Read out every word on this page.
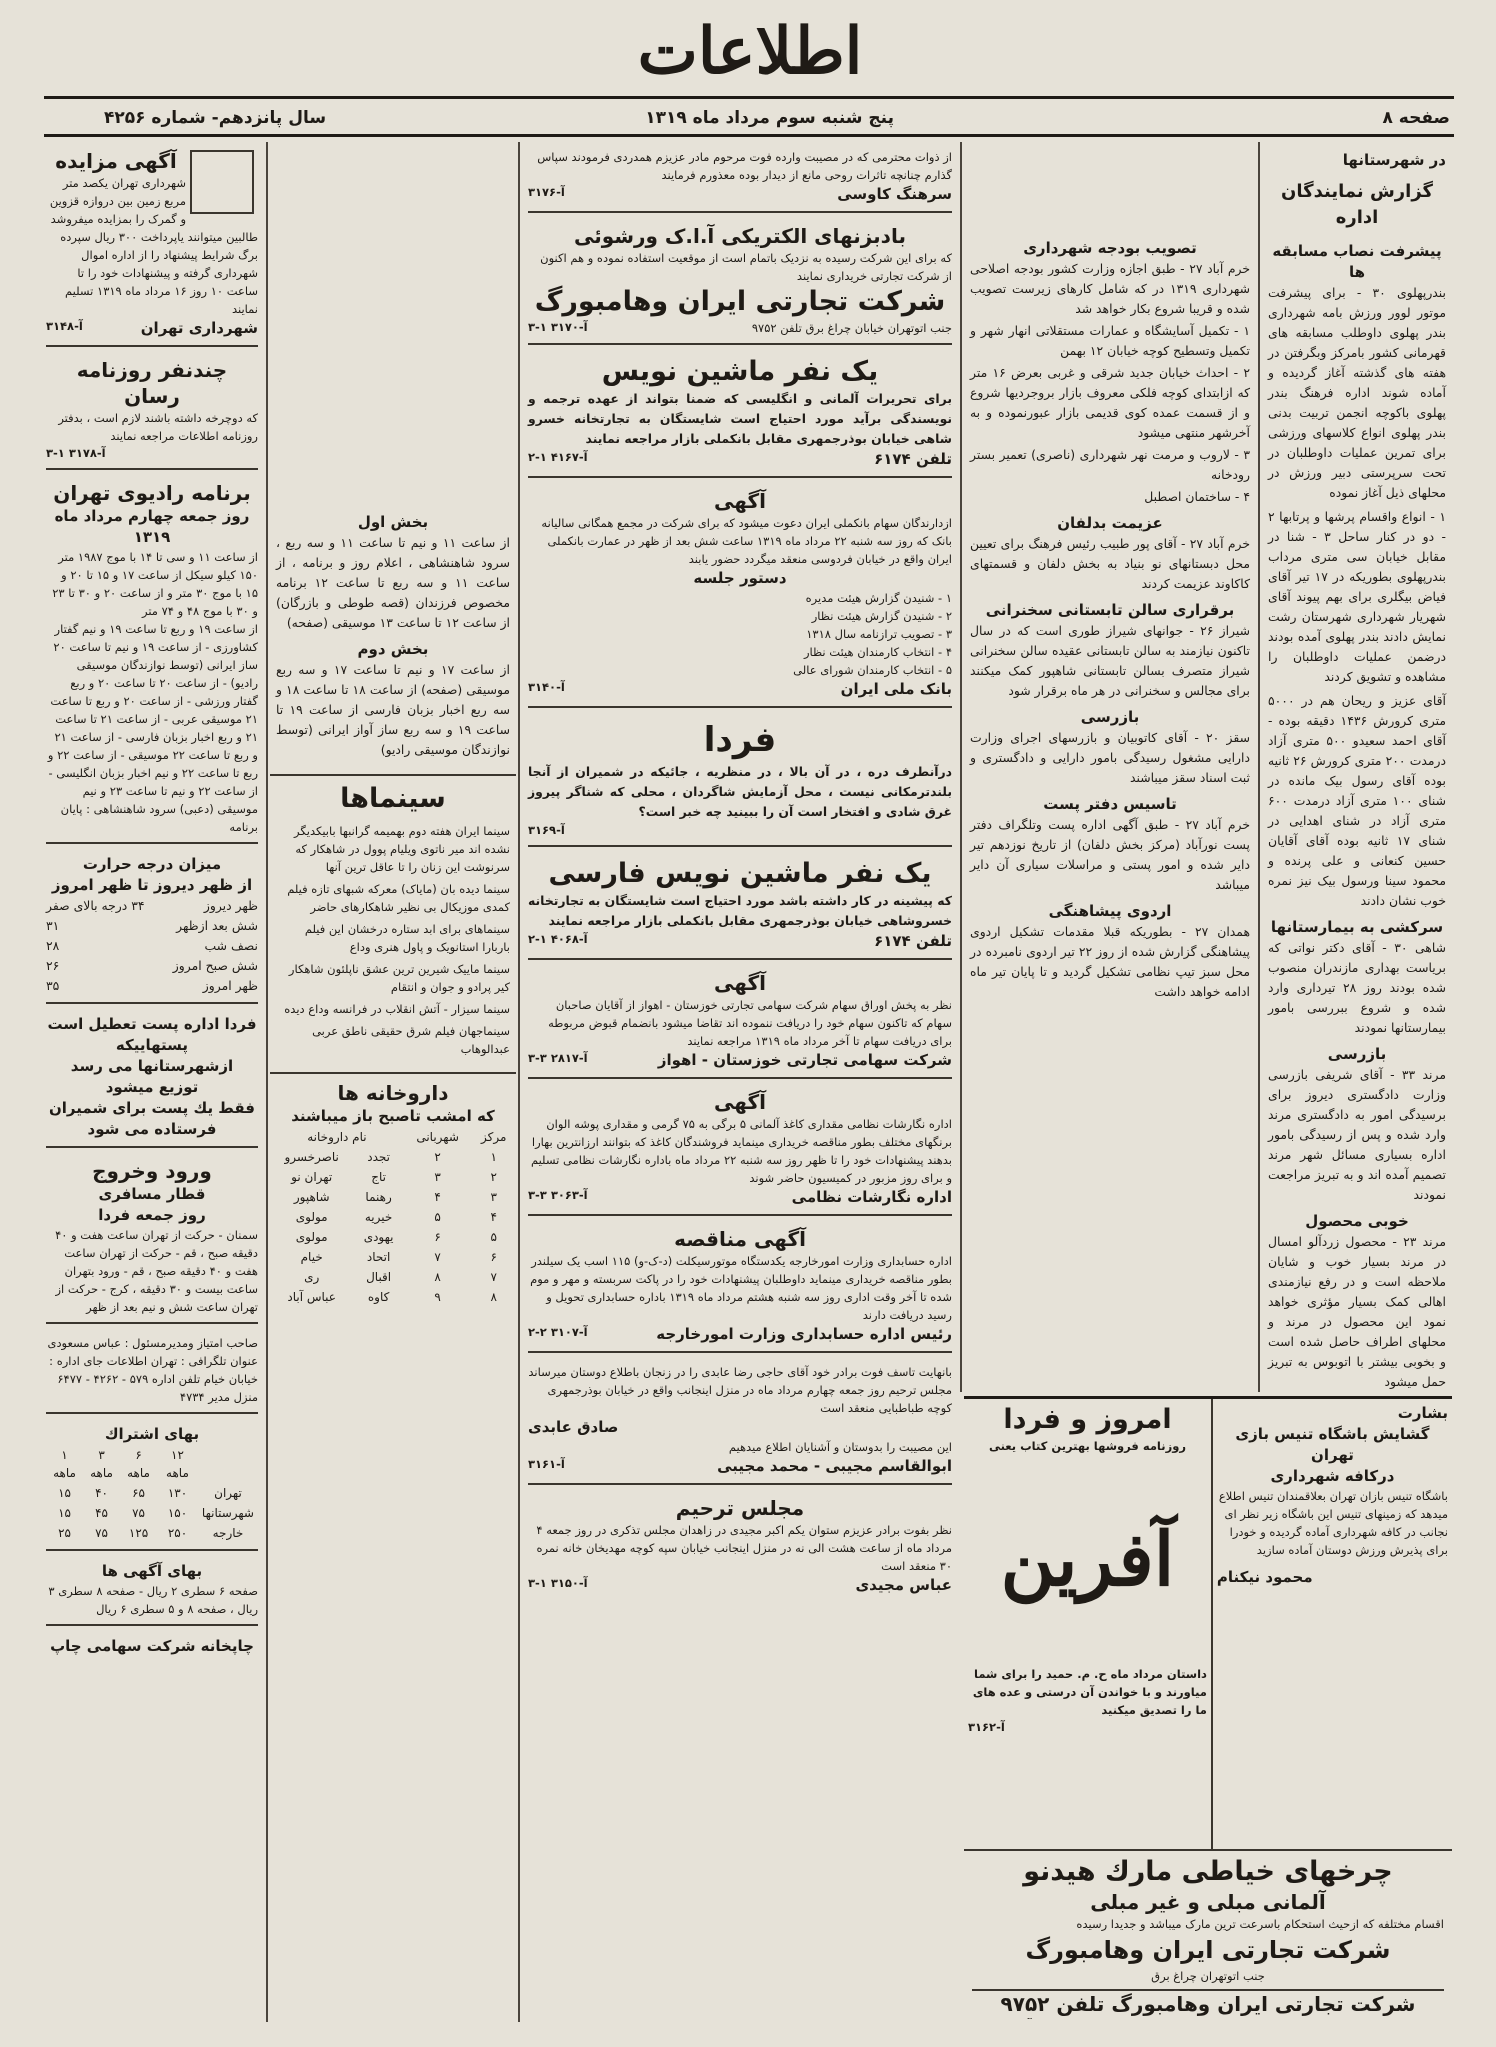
اطلاعات
صفحه ۸
پنج شنبه سوم مرداد ماه ۱۳۱۹
سال پانزدهم- شماره ۴۲۵۶
در شهرستانها
گزارش نمایندگان اداره
پیشرفت نصاب مسابقه ها
بندرپهلوی ۳۰ - برای پیشرفت موتور لوور ورزش بامه شهرداری بندر پهلوی داوطلب مسابقه های قهرمانی کشور بامرکز وبگرفتن در هفته های گذشته آغاز گردیده و آماده شوند اداره فرهنگ بندر پهلوی باکوچه انجمن تربیت بدنی بندر پهلوی انواع کلاسهای ورزشی برای تمرین عملیات داوطلبان در تحت سرپرستی دبیر ورزش در محلهای ذیل آغاز نموده
۱ - انواع واقسام پرشها و پرتابها ۲ - دو در کنار ساحل ۳ - شنا در مقابل خیابان سی متری مرداب بندرپهلوی بطوریکه در ۱۷ تیر آقای فیاض بیگلری برای بهم پیوند آقای شهریار شهرداری شهرستان رشت نمایش دادند بندر پهلوی آمده بودند درضمن عملیات داوطلبان را مشاهده و تشویق کردند
آقای عزیز و ریحان هم در ۵۰۰۰ متری کرورش ۱۴۳۶ دقیقه بوده - آقای احمد سعیدو ۵۰۰ متری آزاد درمدت ۲۰۰ متری کرورش ۲۶ ثانیه بوده آقای رسول بیک مانده در شنای ۱۰۰ متری آزاد درمدت ۶۰۰ متری آزاد در شنای اهدایی در شنای ۱۷ ثانیه بوده آقای آقایان حسین کنعانی و علی پرنده و محمود سینا ورسول بیک نیز نمره خوب نشان دادند
سرکشی به بیمارستانها
شاهی ۳۰ - آقای دکتر نواتی که بریاست بهداری مازندران منصوب شده بودند روز ۲۸ تیرداری وارد شده و شروع ببررسی بامور بیمارستانها نمودند
بازرسی
مرند ۳۳ - آقای شریفی بازرسی وزارت دادگستری دیروز برای برسیدگی امور به دادگستری مرند وارد شده و پس از رسیدگی بامور اداره بسیاری مسائل شهر مرند تصمیم آمده اند و به تبریز مراجعت نمودند
خوبی محصول
مرند ۲۳ - محصول زردآلو امسال در مرند بسیار خوب و شایان ملاحظه است و در رفع نیازمندی اهالی کمک بسیار مؤثری خواهد نمود این محصول در مرند و محلهای اطراف حاصل شده است و بخوبی بیشتر با اتوبوس به تبریز حمل میشود
تصویب بودجه شهرداری
خرم آباد ۲۷ - طبق اجازه وزارت کشور بودجه اصلاحی شهرداری ۱۳۱۹ در که شامل کارهای زیرست تصویب شده و قریبا شروع بکار خواهد شد
۱ - تکمیل آسایشگاه و عمارات مستقلاتی انهار شهر و تکمیل وتسطیح کوچه خیابان ۱۲ بهمن
۲ - احداث خیابان جدید شرقی و غربی بعرض ۱۶ متر که ازابتدای کوچه فلکی معروف بازار بروجردیها شروع و از قسمت عمده کوی قدیمی بازار عبورنموده و به آخرشهر منتهی میشود
۳ - لاروب و مرمت نهر شهرداری (ناصری) تعمیر بستر رودخانه
۴ - ساختمان اصطبل
عزیمت بدلفان
خرم آباد ۲۷ - آقای پور طبیب رئیس فرهنگ برای تعیین محل دبستانهای نو بنیاد به بخش دلفان و قسمتهای کاکاوند عزیمت کردند
برقراری سالن تابستانی سخنرانی
شیراز ۲۶ - جوانهای شیراز طوری است که در سال تاکنون نیازمند به سالن تابستانی عقیده سالن سخنرانی شیراز متصرف بسالن تابستانی شاهپور کمک میکنند برای مجالس و سخنرانی در هر ماه برقرار شود
بازرسی
سقز ۲۰ - آقای کاتوبیان و بازرسهای اجرای وزارت دارایی مشغول رسیدگی بامور دارایی و دادگستری و ثبت اسناد سقز میباشند
تاسیس دفتر پست
خرم آباد ۲۷ - طبق آگهی اداره پست وتلگراف دفتر پست نورآباد (مرکز بخش دلفان) از تاریخ نوزدهم تیر دایر شده و امور پستی و مراسلات سیاری آن دایر میباشد
اردوی پیشاهنگی
همدان ۲۷ - بطوریکه قبلا مقدمات تشکیل اردوی پیشاهنگی گزارش شده از روز ۲۲ تیر اردوی نامبرده در محل سبز تیپ نظامی تشکیل گردید و تا پایان تیر ماه ادامه خواهد داشت
از ذوات محترمی که در مصیبت وارده فوت مرحوم مادر عزیزم همدردی فرمودند سپاس گذارم چنانچه تاثرات روحی مانع از دیدار بوده معذورم فرمایند
سرهنگ کاوسی
آ-۳۱۷۶
بادبزنهای الکتریکی آ.ا.ک ورشوئی
که برای این شرکت رسیده به نزدیک باتمام است از موقعیت استفاده نموده و هم اکنون از شرکت تجارتی خریداری نمایند
شرکت تجارتی ایران وهامبورگ
جنب اتوتهران خیابان چراغ برق تلفن ۹۷۵۲
۳-۱ ۳۱۷۰-آ
یک نفر ماشین نویس
برای تحریرات آلمانی و انگلیسی که ضمنا بتواند از عهده ترجمه و نویسندگی برآید مورد احتیاج است شایستگان به تجارتخانه خسرو شاهی خیابان بوذرجمهری مقابل بانکملی بازار مراجعه نمایند
تلفن ۶۱۷۴
۲-۱ ۴۱۶۷-آ
آگهی
ازدارندگان سهام بانکملی ایران دعوت میشود که برای شرکت در مجمع همگانی سالیانه بانک که روز سه شنبه ۲۲ مرداد ماه ۱۳۱۹ ساعت شش بعد از ظهر در عمارت بانکملی ایران واقع در خیابان فردوسی منعقد میگردد حضور یابند
دستور جلسه
۱ - شنیدن گزارش هیئت مدیره
۲ - شنیدن گزارش هیئت نظار
۳ - تصویب ترازنامه سال ۱۳۱۸
۴ - انتخاب کارمندان هیئت نظار
۵ - انتخاب کارمندان شورای عالی
بانک ملی ایران
۳۱۴۰-آ
فردا
درآنطرف دره ، در آن بالا ، در منظریه ، جائیکه در شمیران از آنجا بلندترمکانی نیست ، محل آزمایش شاگردان ، محلی که شناگر پیروز غرق شادی و افتخار است آن را ببینید چه خبر است؟
آ-۳۱۶۹
یک نفر ماشین نویس فارسی
که پیشینه در کار داشته باشد مورد احتیاج است شایستگان به تجارتخانه خسروشاهی خیابان بوذرجمهری مقابل بانکملی بازار مراجعه نمایند
تلفن ۶۱۷۴
۲-۱ ۴۰۶۸-آ
آگهی
نظر به پخش اوراق سهام شرکت سهامی تجارتی خوزستان - اهواز از آقایان صاحبان سهام که تاکنون سهام خود را دریافت ننموده اند تقاضا میشود بانضمام قبوض مربوطه برای دریافت سهام تا آخر مرداد ماه ۱۳۱۹ مراجعه نمایند
شرکت سهامی تجارتی خوزستان - اهواز
۳-۳ ۲۸۱۷-آ
آگهی
اداره نگارشات نظامی مقداری کاغذ آلمانی ۵ برگی به ۷۵ گرمی و مقداری پوشه الوان برنگهای مختلف بطور مناقصه خریداری مینماید فروشندگان کاغذ که بتوانند ارزانترین بهارا بدهند پیشنهادات خود را تا ظهر روز سه شنبه ۲۲ مرداد ماه باداره نگارشات نظامی تسلیم و برای روز مزبور در کمیسیون حاضر شوند
اداره نگارشات نظامی
۳-۳ ۳۰۶۳-آ
آگهی مناقصه
اداره حسابداری وزارت امورخارجه یکدستگاه موتورسیکلت (د-ک-و) ۱۱۵ اسب یک سیلندر بطور مناقصه خریداری مینماید داوطلبان پیشنهادات خود را در پاکت سربسته و مهر و موم شده تا آخر وقت اداری روز سه شنبه هشتم مرداد ماه ۱۳۱۹ باداره حسابداری تحویل و رسید دریافت دارند
رئیس اداره حسابداری وزارت امورخارجه
۲-۲ ۳۱۰۷-آ
بانهایت تاسف فوت برادر خود آقای حاجی رضا عابدی را در زنجان باطلاع دوستان میرساند مجلس ترحیم روز جمعه چهارم مرداد ماه در منزل اینجانب واقع در خیابان بوذرجمهری کوچه طباطبایی منعقد است
صادق عابدی
این مصیبت را بدوستان و آشنایان اطلاع میدهیم
ابوالقاسم مجیبی - محمد مجیبی
آ-۳۱۶۱
مجلس ترحیم
نظر بفوت برادر عزیزم ستوان یکم اکبر مجیدی در زاهدان مجلس تذکری در روز جمعه ۴ مرداد ماه از ساعت هشت الی نه در منزل اینجانب خیابان سپه کوچه مهدیخان خانه نمره ۳۰ منعقد است
عباس مجیدی
۳-۱ ۳۱۵۰-آ
بخش اول
از ساعت ۱۱ و نیم تا ساعت ۱۱ و سه ربع ، سرود شاهنشاهی ، اعلام روز و برنامه ، از ساعت ۱۱ و سه ربع تا ساعت ۱۲ برنامه مخصوص فرزندان (قصه طوطی و بازرگان) از ساعت ۱۲ تا ساعت ۱۳ موسیقی (صفحه)
بخش دوم
از ساعت ۱۷ و نیم تا ساعت ۱۷ و سه ربع موسیقی (صفحه) از ساعت ۱۸ تا ساعت ۱۸ و سه ربع اخبار بزبان فارسی از ساعت ۱۹ تا ساعت ۱۹ و سه ربع ساز آواز ایرانی (توسط نوازندگان موسیقی رادیو)
سینماها
سینما ایران هفته دوم بهمیمه گرانبها بابیکدیگر نشده اند میر ناتوی ویلیام پوول در شاهکار که سرنوشت این زنان را تا عاقل ترین آنها
سینما دیده بان (مایاک) معرکه شبهای تازه فیلم کمدی موزیکال بی نظیر شاهکارهای حاضر
سینماهای برای ابد ستاره درخشان این فیلم باربارا استانویک و پاول هنری وداع
سینما ماییک شیرین ترین عشق ناپلئون شاهکار کیر پرادو و جوان و انتقام
سینما سیزار - آتش انقلاب در فرانسه وداع دیده
سینماجهان فیلم شرق حقیقی ناطق عربی عبدالوهاب
داروخانه ها
که امشب تاصبح باز میباشند
مرکز	شهربانی	نام داروخانه	
۱	۲	تجدد	ناصرخسرو
۲	۳	تاج	تهران نو
۳	۴	رهنما	شاهپور
۴	۵	خیریه	مولوی
۵	۶	یهودی	مولوی
۶	۷	اتحاد	خیام
۷	۸	اقبال	ری
۸	۹	کاوه	عباس آباد
آگهی مزایده
شهرداری تهران یکصد متر مربع زمین بین دروازه قزوین و گمرک را بمزایده میفروشد طالبین میتوانند یاپرداخت ۳۰۰ ریال سپرده برگ شرایط پیشنهاد را از اداره اموال شهرداری گرفته و پیشنهادات خود را تا ساعت ۱۰ روز ۱۶ مرداد ماه ۱۳۱۹ تسلیم نمایند
شهرداری تهران
آ-۳۱۴۸
چندنفر روزنامه رسان
که دوچرخه داشته باشند لازم است ، بدفتر روزنامه اطلاعات مراجعه نمایند
۳-۱ ۳۱۷۸-آ
برنامه رادیوی تهران
روز جمعه چهارم مرداد ماه ۱۳۱۹
از ساعت ۱۱ و سی تا ۱۴ با موج ۱۹۸۷ متر ۱۵۰ کیلو سیکل از ساعت ۱۷ و ۱۵ تا ۲۰ و ۱۵ با موج ۳۰ متر و از ساعت ۲۰ و ۳۰ تا ۲۳ و ۳۰ با موج ۴۸ و ۷۴ متر
از ساعت ۱۹ و ربع تا ساعت ۱۹ و نیم گفتار کشاورزی - از ساعت ۱۹ و نیم تا ساعت ۲۰ ساز ایرانی (توسط نوازندگان موسیقی رادیو) - از ساعت ۲۰ تا ساعت ۲۰ و ربع گفتار ورزشی - از ساعت ۲۰ و ربع تا ساعت ۲۱ موسیقی عربی - از ساعت ۲۱ تا ساعت ۲۱ و ربع اخبار بزبان فارسی - از ساعت ۲۱ و ربع تا ساعت ۲۲ موسیقی - از ساعت ۲۲ و ربع تا ساعت ۲۲ و نیم اخبار بزبان انگلیسی - از ساعت ۲۲ و نیم تا ساعت ۲۳ و نیم موسیقی (دعبی) سرود شاهنشاهی : پایان برنامه
میزان درجه حرارت
از ظهر دیروز تا ظهر امروز
ظهر دیروز
۳۴ درجه بالای صفر
شش بعد ازظهر
۳۱
نصف شب
۲۸
شش صبح امروز
۲۶
ظهر امروز
۳۵
فردا اداره پست تعطیل است
پستهاییکه
ازشهرستانها می رسد
توزیع میشود
فقط یك پست برای شمیران
فرستاده می شود
ورود وخروج
قطار مسافری
روز جمعه فردا
سمنان - حرکت از تهران ساعت هفت و ۴۰ دقیقه صبح ، قم - حرکت از تهران ساعت هفت و ۴۰ دقیقه صبح ، قم - ورود بتهران ساعت بیست و ۳۰ دقیقه ، کرج - حرکت از تهران ساعت شش و نیم بعد از ظهر
صاحب امتیاز ومدیرمسئول : عباس مسعودی عنوان تلگرافی : تهران اطلاعات جای اداره : خیابان خیام تلفن اداره ۵۷۹ - ۴۲۶۲ - ۶۴۷۷ منزل مدیر ۴۷۳۴
بهای اشتراك
	۱۲ ماهه	۶ ماهه	۳ ماهه	۱ ماهه
تهران	۱۳۰	۶۵	۴۰	۱۵
شهرستانها	۱۵۰	۷۵	۴۵	۱۵
خارجه	۲۵۰	۱۲۵	۷۵	۲۵
بهای آگهی ها
صفحه ۶ سطری ۲ ریال - صفحه ۸ سطری ۳ ریال ، صفحه ۸ و ۵ سطری ۶ ریال
چاپخانه شرکت سهامی چاپ
بشارت
گشایش باشگاه تنیس بازی تهران
درکافه شهرداری
باشگاه تنیس بازان تهران بعلاقمندان تنیس اطلاع میدهد که زمینهای تنیس این باشگاه زیر نظر ای نجانب در کافه شهرداری آماده گردیده و خودرا برای پذیرش ورزش دوستان آماده سازید
محمود نیکنام
امروز و فردا
روزنامه فروشها بهترین کتاب یعنی
آفرین
داستان مرداد ماه ح. م. حمید را برای شما میاورند و با خواندن آن درستی و عده های ما را تصدیق میکنید
آ-۳۱۶۲
چرخهای خیاطی مارك هیدنو
آلمانی مبلی و غیر مبلی
اقسام مختلفه که ازحیث استحکام باسرعت ترین مارک میباشد و جدیدا رسیده
شرکت تجارتی ایران وهامبورگ
جنب اتوتهران چراغ برق
شرکت تجارتی ایران وهامبورگ تلفن ۹۷۵۲
